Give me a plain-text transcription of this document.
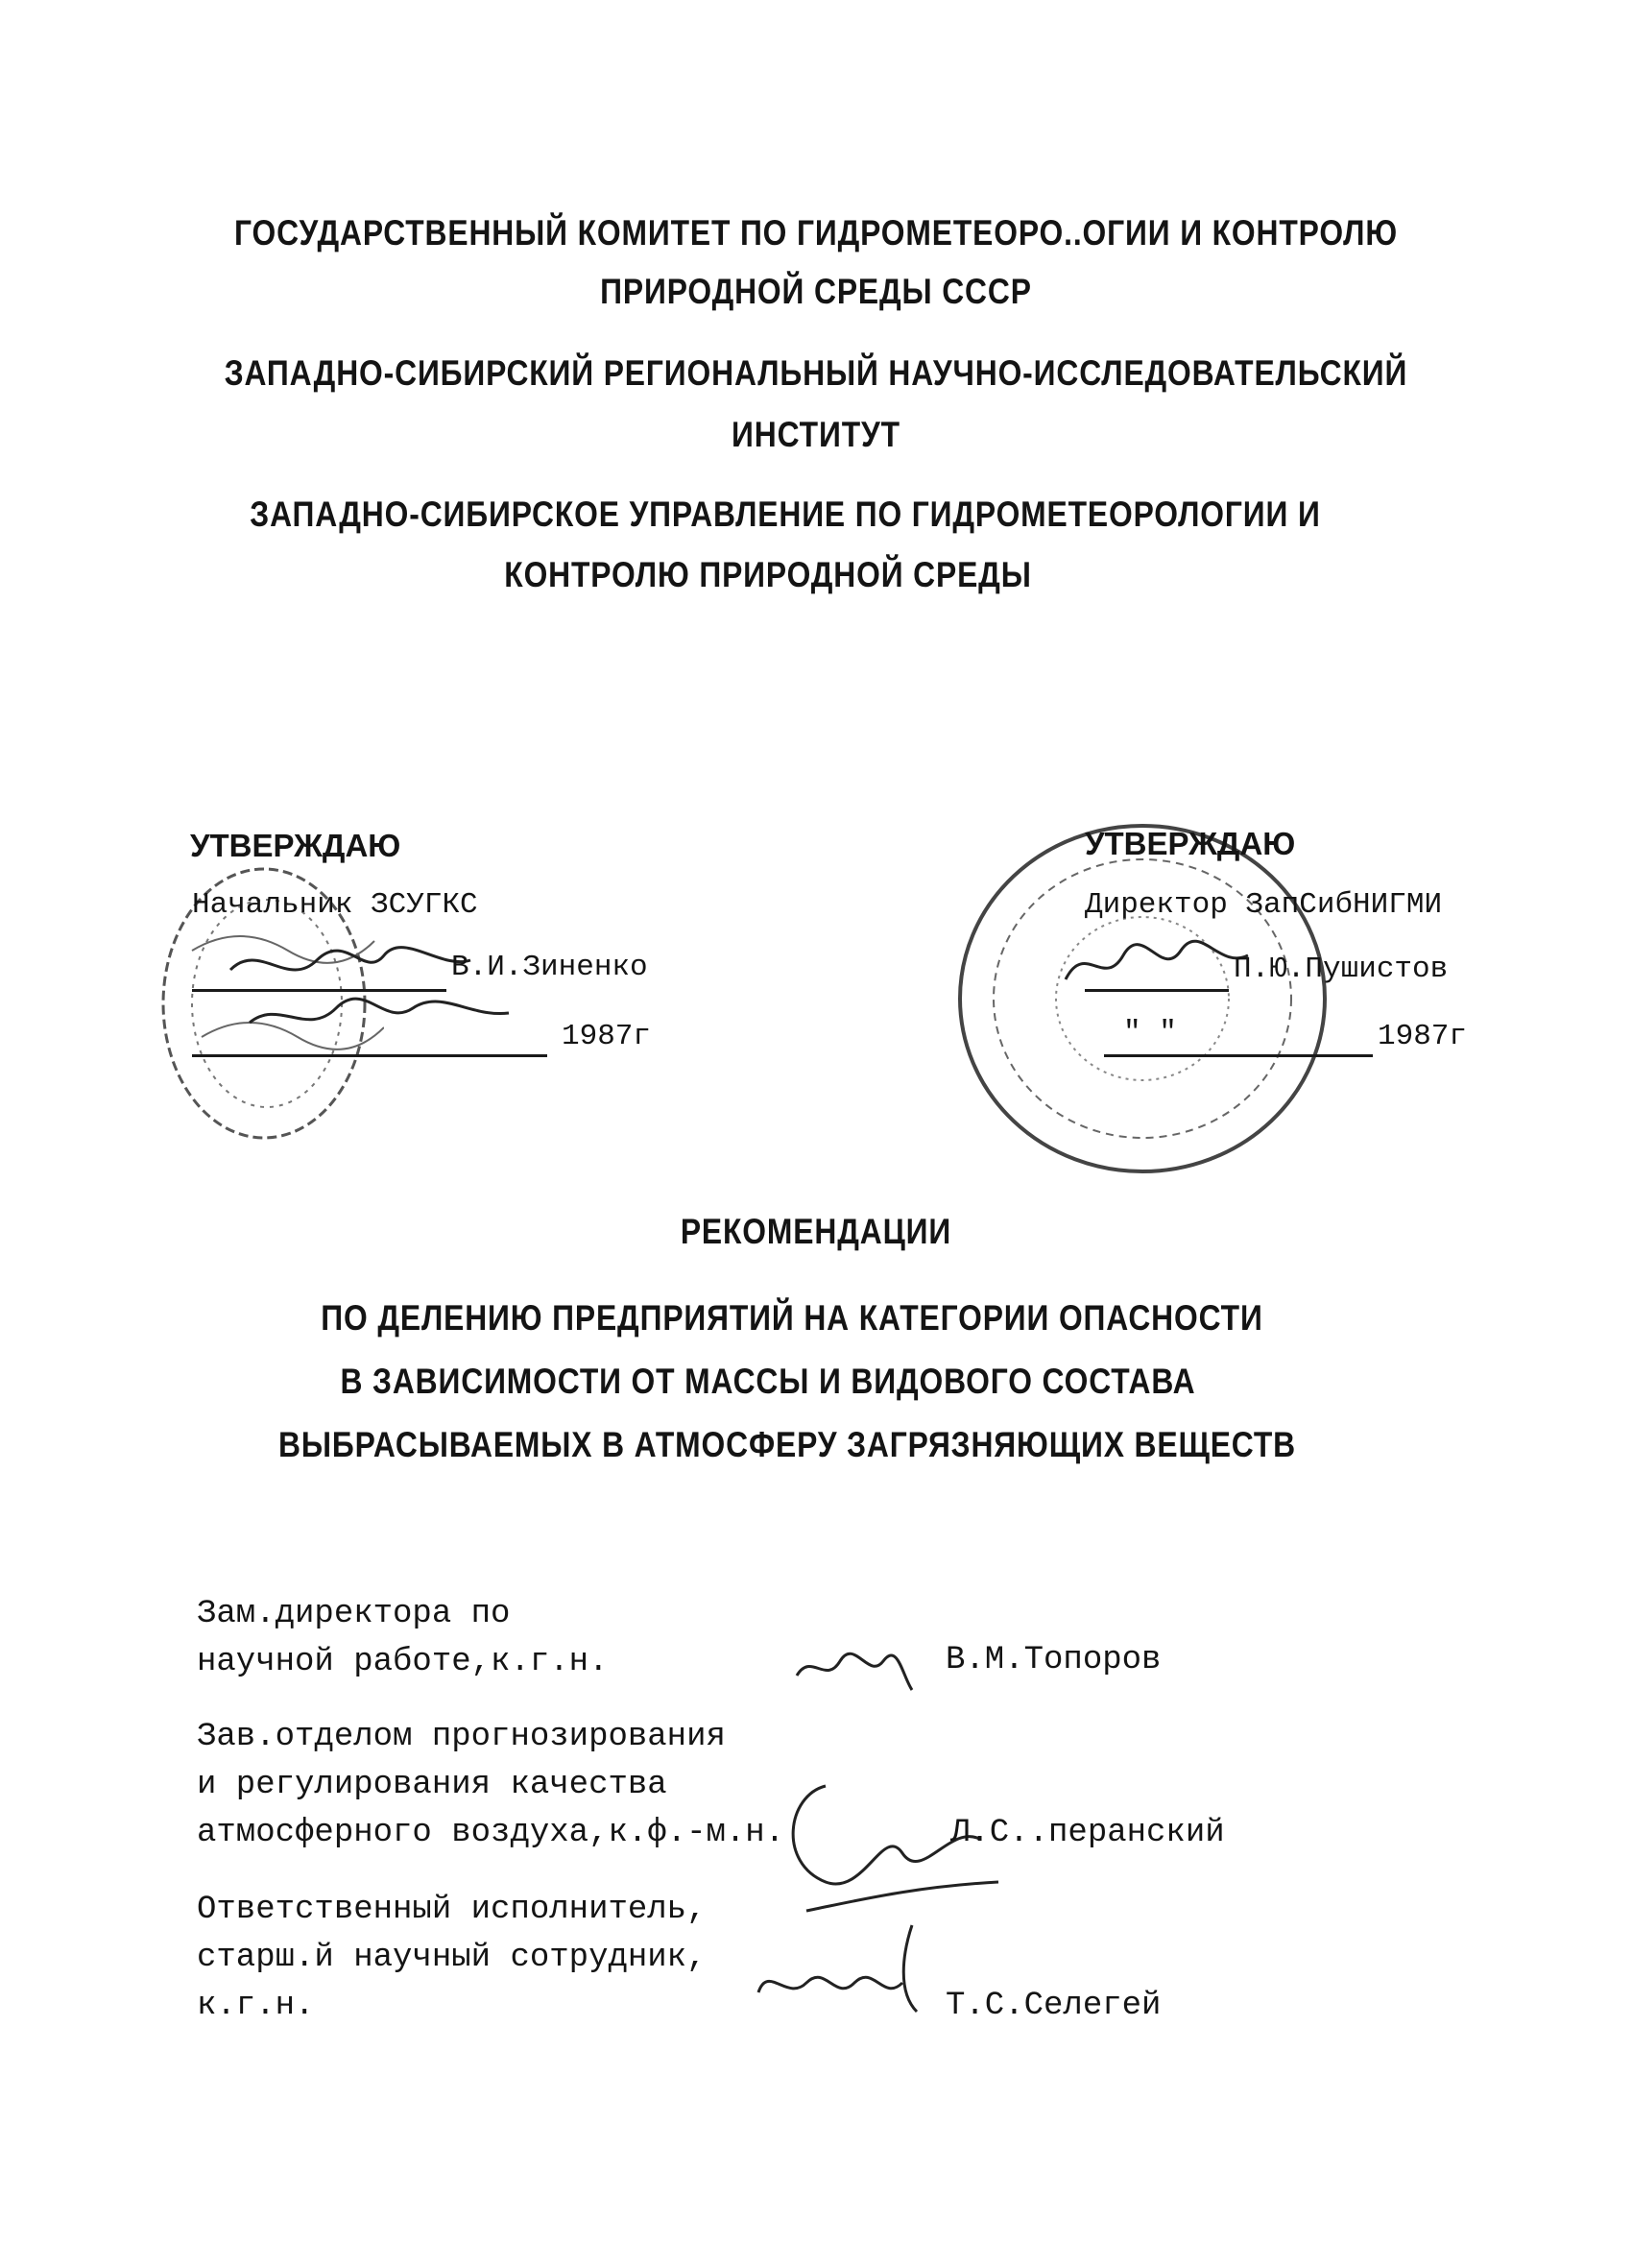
ГОСУДАРСТВЕННЫЙ КОМИТЕТ ПО ГИДРОМЕТЕОРО..ОГИИ И КОНТРОЛЮ
ПРИРОДНОЙ СРЕДЫ СССР
ЗАПАДНО-СИБИРСКИЙ РЕГИОНАЛЬНЫЙ НАУЧНО-ИССЛЕДОВАТЕЛЬСКИЙ
ИНСТИТУТ
ЗАПАДНО-СИБИРСКОЕ УПРАВЛЕНИЕ ПО ГИДРОМЕТЕОРОЛОГИИ И
КОНТРОЛЮ ПРИРОДНОЙ СРЕДЫ
УТВЕРЖДАЮ
Начальник ЗСУГКС
В.И.Зиненко
1987г
УТВЕРЖДАЮ
Директор ЗапСибНИГМИ
П.Ю.Пушистов
" "	1987г
РЕКОМЕНДАЦИИ
ПО ДЕЛЕНИЮ ПРЕДПРИЯТИЙ НА КАТЕГОРИИ ОПАСНОСТИ
В ЗАВИСИМОСТИ ОТ МАССЫ И ВИДОВОГО СОСТАВА
ВЫБРАСЫВАЕМЫХ В АТМОСФЕРУ ЗАГРЯЗНЯЮЩИХ ВЕЩЕСТВ
Зам.директора по
научной работе,к.г.н.	В.М.Топоров
Зав.отделом прогнозирования
и регулирования качества
атмосферного воздуха,к.ф.-м.н.	Л.С..перанский
Ответственный исполнитель,
старш.й научный сотрудник,
к.г.н.	Т.С.Селегей
